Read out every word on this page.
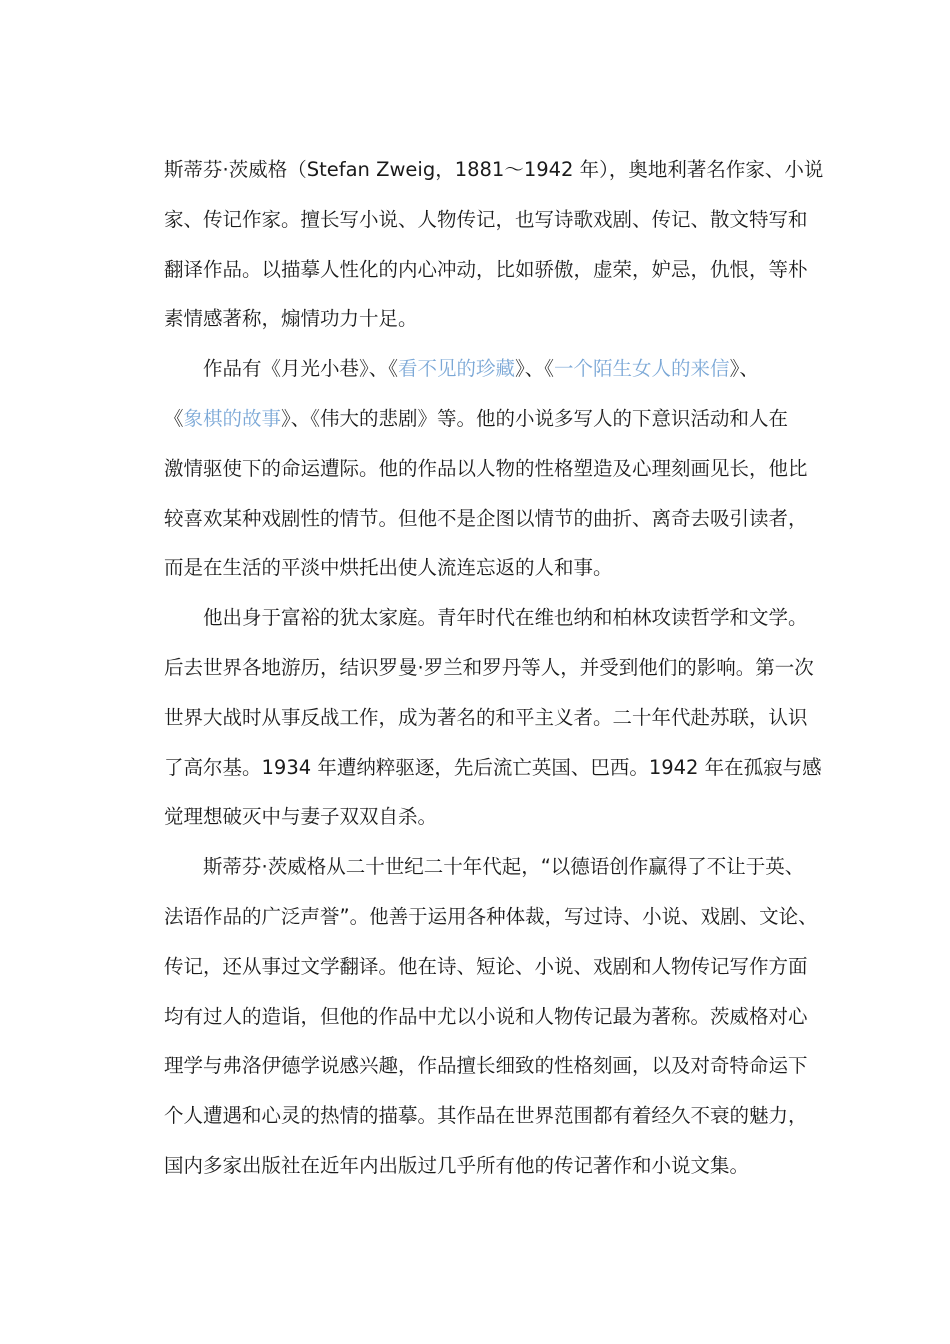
斯蒂芬·茨威格（Stefan Zweig，1881～1942 年），奥地利著名作家、小说
家、传记作家。擅长写小说、人物传记，也写诗歌戏剧、传记、散文特写和
翻译作品。以描摹人性化的内心冲动，比如骄傲，虚荣，妒忌，仇恨，等朴
素情感著称，煽情功力十足。

作品有《月光小巷》、《看不见的珍藏》、《一个陌生女人的来信》、
《象棋的故事》、《伟大的悲剧》等。他的小说多写人的下意识活动和人在
激情驱使下的命运遭际。他的作品以人物的性格塑造及心理刻画见长，他比
较喜欢某种戏剧性的情节。但他不是企图以情节的曲折、离奇去吸引读者，
而是在生活的平淡中烘托出使人流连忘返的人和事。

他出身于富裕的犹太家庭。青年时代在维也纳和柏林攻读哲学和文学。
后去世界各地游历，结识罗曼·罗兰和罗丹等人，并受到他们的影响。第一次
世界大战时从事反战工作，成为著名的和平主义者。二十年代赴苏联，认识
了高尔基。1934 年遭纳粹驱逐，先后流亡英国、巴西。1942 年在孤寂与感
觉理想破灭中与妻子双双自杀。

斯蒂芬·茨威格从二十世纪二十年代起，“以德语创作赢得了不让于英、
法语作品的广泛声誉”。他善于运用各种体裁，写过诗、小说、戏剧、文论、
传记，还从事过文学翻译。他在诗、短论、小说、戏剧和人物传记写作方面
均有过人的造诣，但他的作品中尤以小说和人物传记最为著称。茨威格对心
理学与弗洛伊德学说感兴趣，作品擅长细致的性格刻画，以及对奇特命运下
个人遭遇和心灵的热情的描摹。其作品在世界范围都有着经久不衰的魅力，
国内多家出版社在近年内出版过几乎所有他的传记著作和小说文集。
